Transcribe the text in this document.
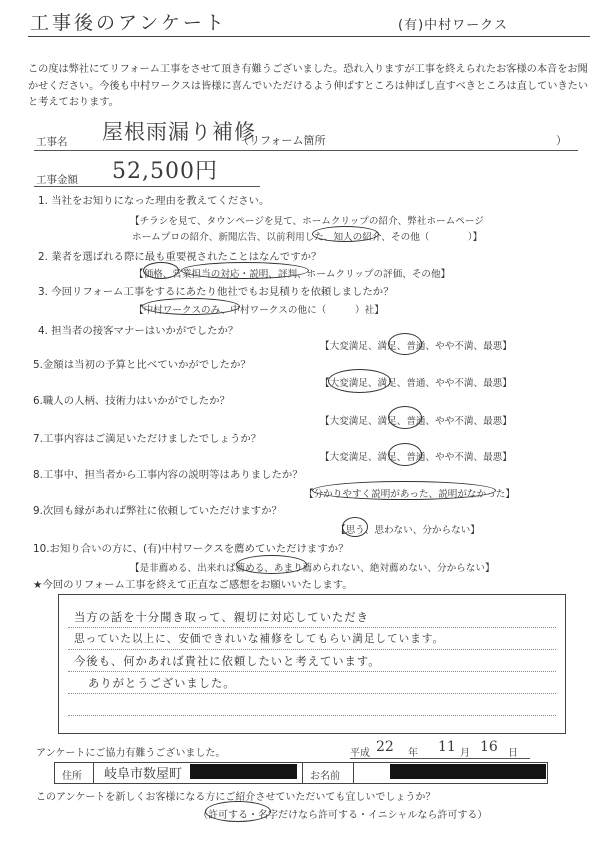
工事後のアンケート	(有)中村ワークス
この度は弊社にてリフォーム工事をさせて頂き有難うございました。恐れ入りますが工事を終えられたお客様の本音をお聞かせください。今後も中村ワークスは皆様に喜んでいただけるよう伸ばすところは伸ばし直すべきところは直していきたいと考えております。
工事名 屋根雨漏り補修
（リフォーム箇所	）
工事金額 52,500円
1. 当社をお知りになった理由を教えてください。
【チラシを見て、タウンページを見て、ホームクリップの紹介、弊社ホームページ
ホームプロの紹介、新聞広告、以前利用した、知人の紹介、その他（　　　　）】
2. 業者を選ばれる際に最も重要視されたことはなんですか？
【価格、営業担当の対応・説明、評判、ホームクリップの評価、その他】
3. 今回リフォーム工事をするにあたり他社でもお見積りを依頼しましたか？
【中村ワークスのみ、中村ワークスの他に（　　　）社】
4. 担当者の接客マナーはいかがでしたか？
【大変満足、満足、普通、やや不満、最悪】
5.金額は当初の予算と比べていかがでしたか？
【大変満足、満足、普通、やや不満、最悪】
6.職人の人柄、技術力はいかがでしたか？
【大変満足、満足、普通、やや不満、最悪】
7.工事内容はご満足いただけましたでしょうか？
【大変満足、満足、普通、やや不満、最悪】
8.工事中、担当者から工事内容の説明等はありましたか？
【分かりやすく説明があった、説明がなかった】
9.次回も縁があれば弊社に依頼していただけますか？
【思う、思わない、分からない】
10.お知り合いの方に、(有)中村ワークスを薦めていただけますか？
【是非薦める、出来れば薦める、あまり薦められない、絶対薦めない、分からない】
★今回のリフォーム工事を終えて正直なご感想をお願いいたします。
当方の話を十分聞き取って、親切に対応していただき
思っていた以上に、安価できれいな補修をしてもらい満足しています。
今後も、何かあれば貴社に依頼したいと考えています。
ありがとうございました。
アンケートにご協力有難うございました。	平成 22 年 11 月 16 日
住所 岐阜市数屋町	お名前
このアンケートを新しくお客様になる方にご紹介させていただいても宜しいでしょうか？
（許可する・名字だけなら許可する・イニシャルなら許可する）
